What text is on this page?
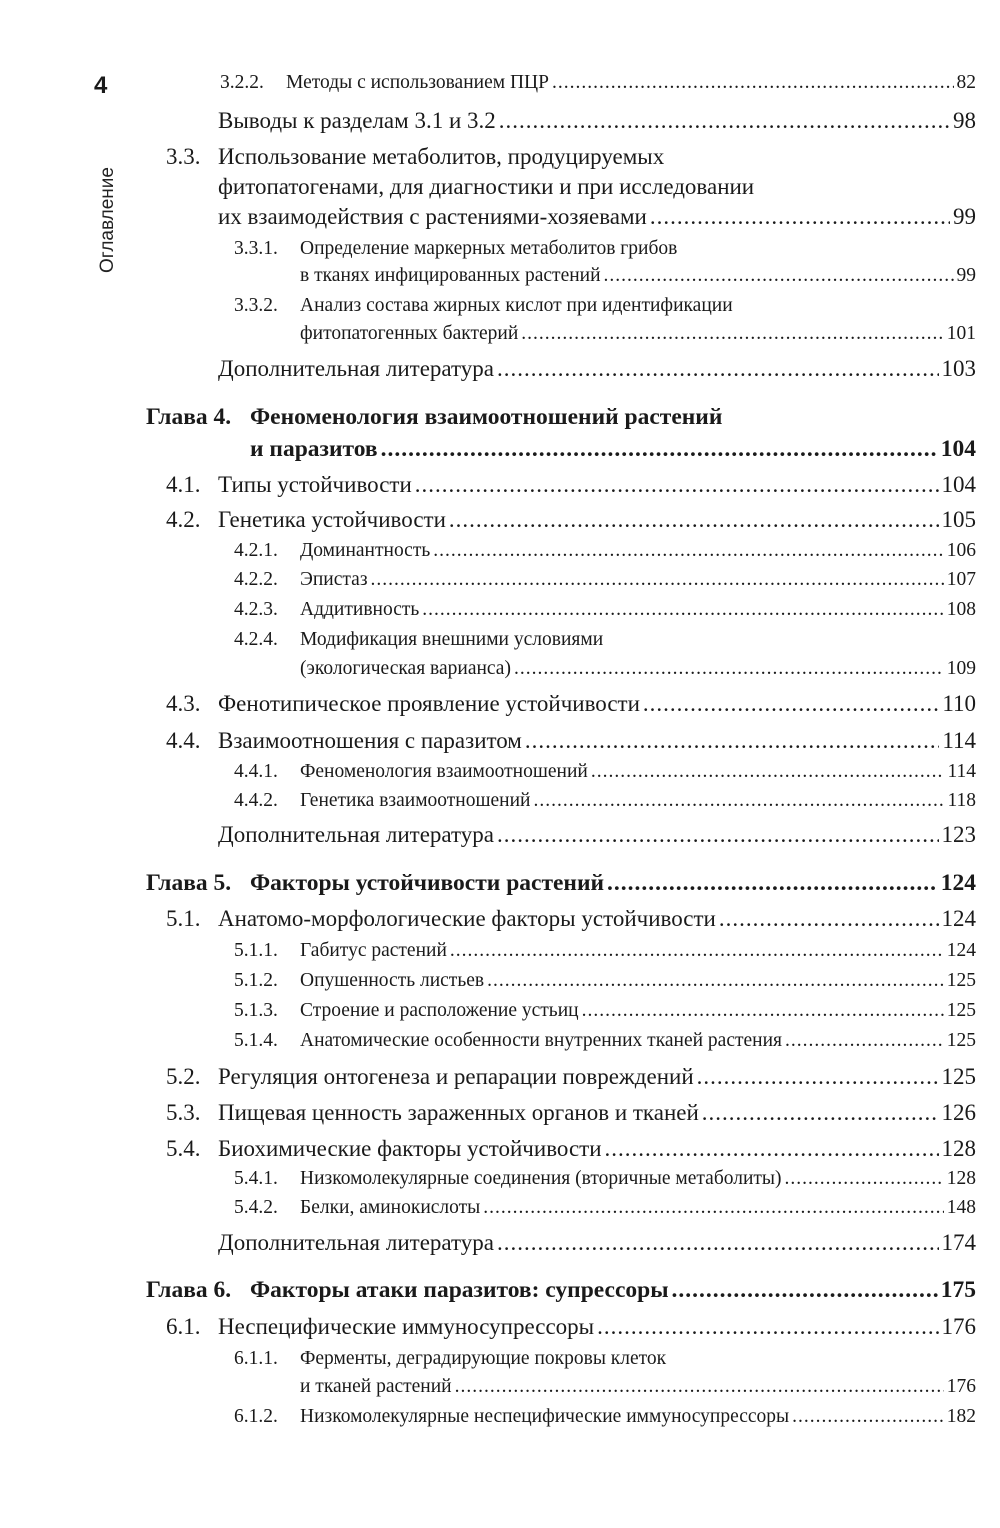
4
Оглавление
3.2.2.	Методы с использованием ПЦР .....	82
Выводы к разделам 3.1 и 3.2 .....	98
3.3. Использование метаболитов, продуцируемых
фитопатогенами, для диагностики и при исследовании
их взаимодействия с растениями-хозяевами .....	99
3.3.1.	Определение маркерных метаболитов грибов
в тканях инфицированных растений .....	99
3.3.2.	Анализ состава жирных кислот при идентификации
фитопатогенных бактерий .....	101
Дополнительная литература .....	103
Глава 4. Феноменология взаимоотношений растений
и паразитов .....	104
4.1. Типы устойчивости .....	104
4.2. Генетика устойчивости .....	105
4.2.1.	Доминантность .....	106
4.2.2.	Эпистаз .....	107
4.2.3.	Аддитивность .....	108
4.2.4.	Модификация внешними условиями
(экологическая варианса) .....	109
4.3. Фенотипическое проявление устойчивости .....	110
4.4. Взаимоотношения с паразитом .....	114
4.4.1.	Феноменология взаимоотношений .....	114
4.4.2.	Генетика взаимоотношений .....	118
Дополнительная литература .....	123
Глава 5. Факторы устойчивости растений .....	124
5.1. Анатомо-морфологические факторы устойчивости .....	124
5.1.1.	Габитус растений .....	124
5.1.2.	Опушенность листьев .....	125
5.1.3.	Строение и расположение устьиц .....	125
5.1.4.	Анатомические особенности внутренних тканей растения .....	125
5.2. Регуляция онтогенеза и репарации повреждений .....	125
5.3. Пищевая ценность зараженных органов и тканей .....	126
5.4. Биохимические факторы устойчивости .....	128
5.4.1.	Низкомолекулярные соединения (вторичные метаболиты) .....	128
5.4.2.	Белки, аминокислоты .....	148
Дополнительная литература .....	174
Глава 6. Факторы атаки паразитов: супрессоры .....	175
6.1. Неспецифические иммуносупрессоры .....	176
6.1.1.	Ферменты, деградирующие покровы клеток
и тканей растений .....	176
6.1.2.	Низкомолекулярные неспецифические иммуносупрессоры .....	182
